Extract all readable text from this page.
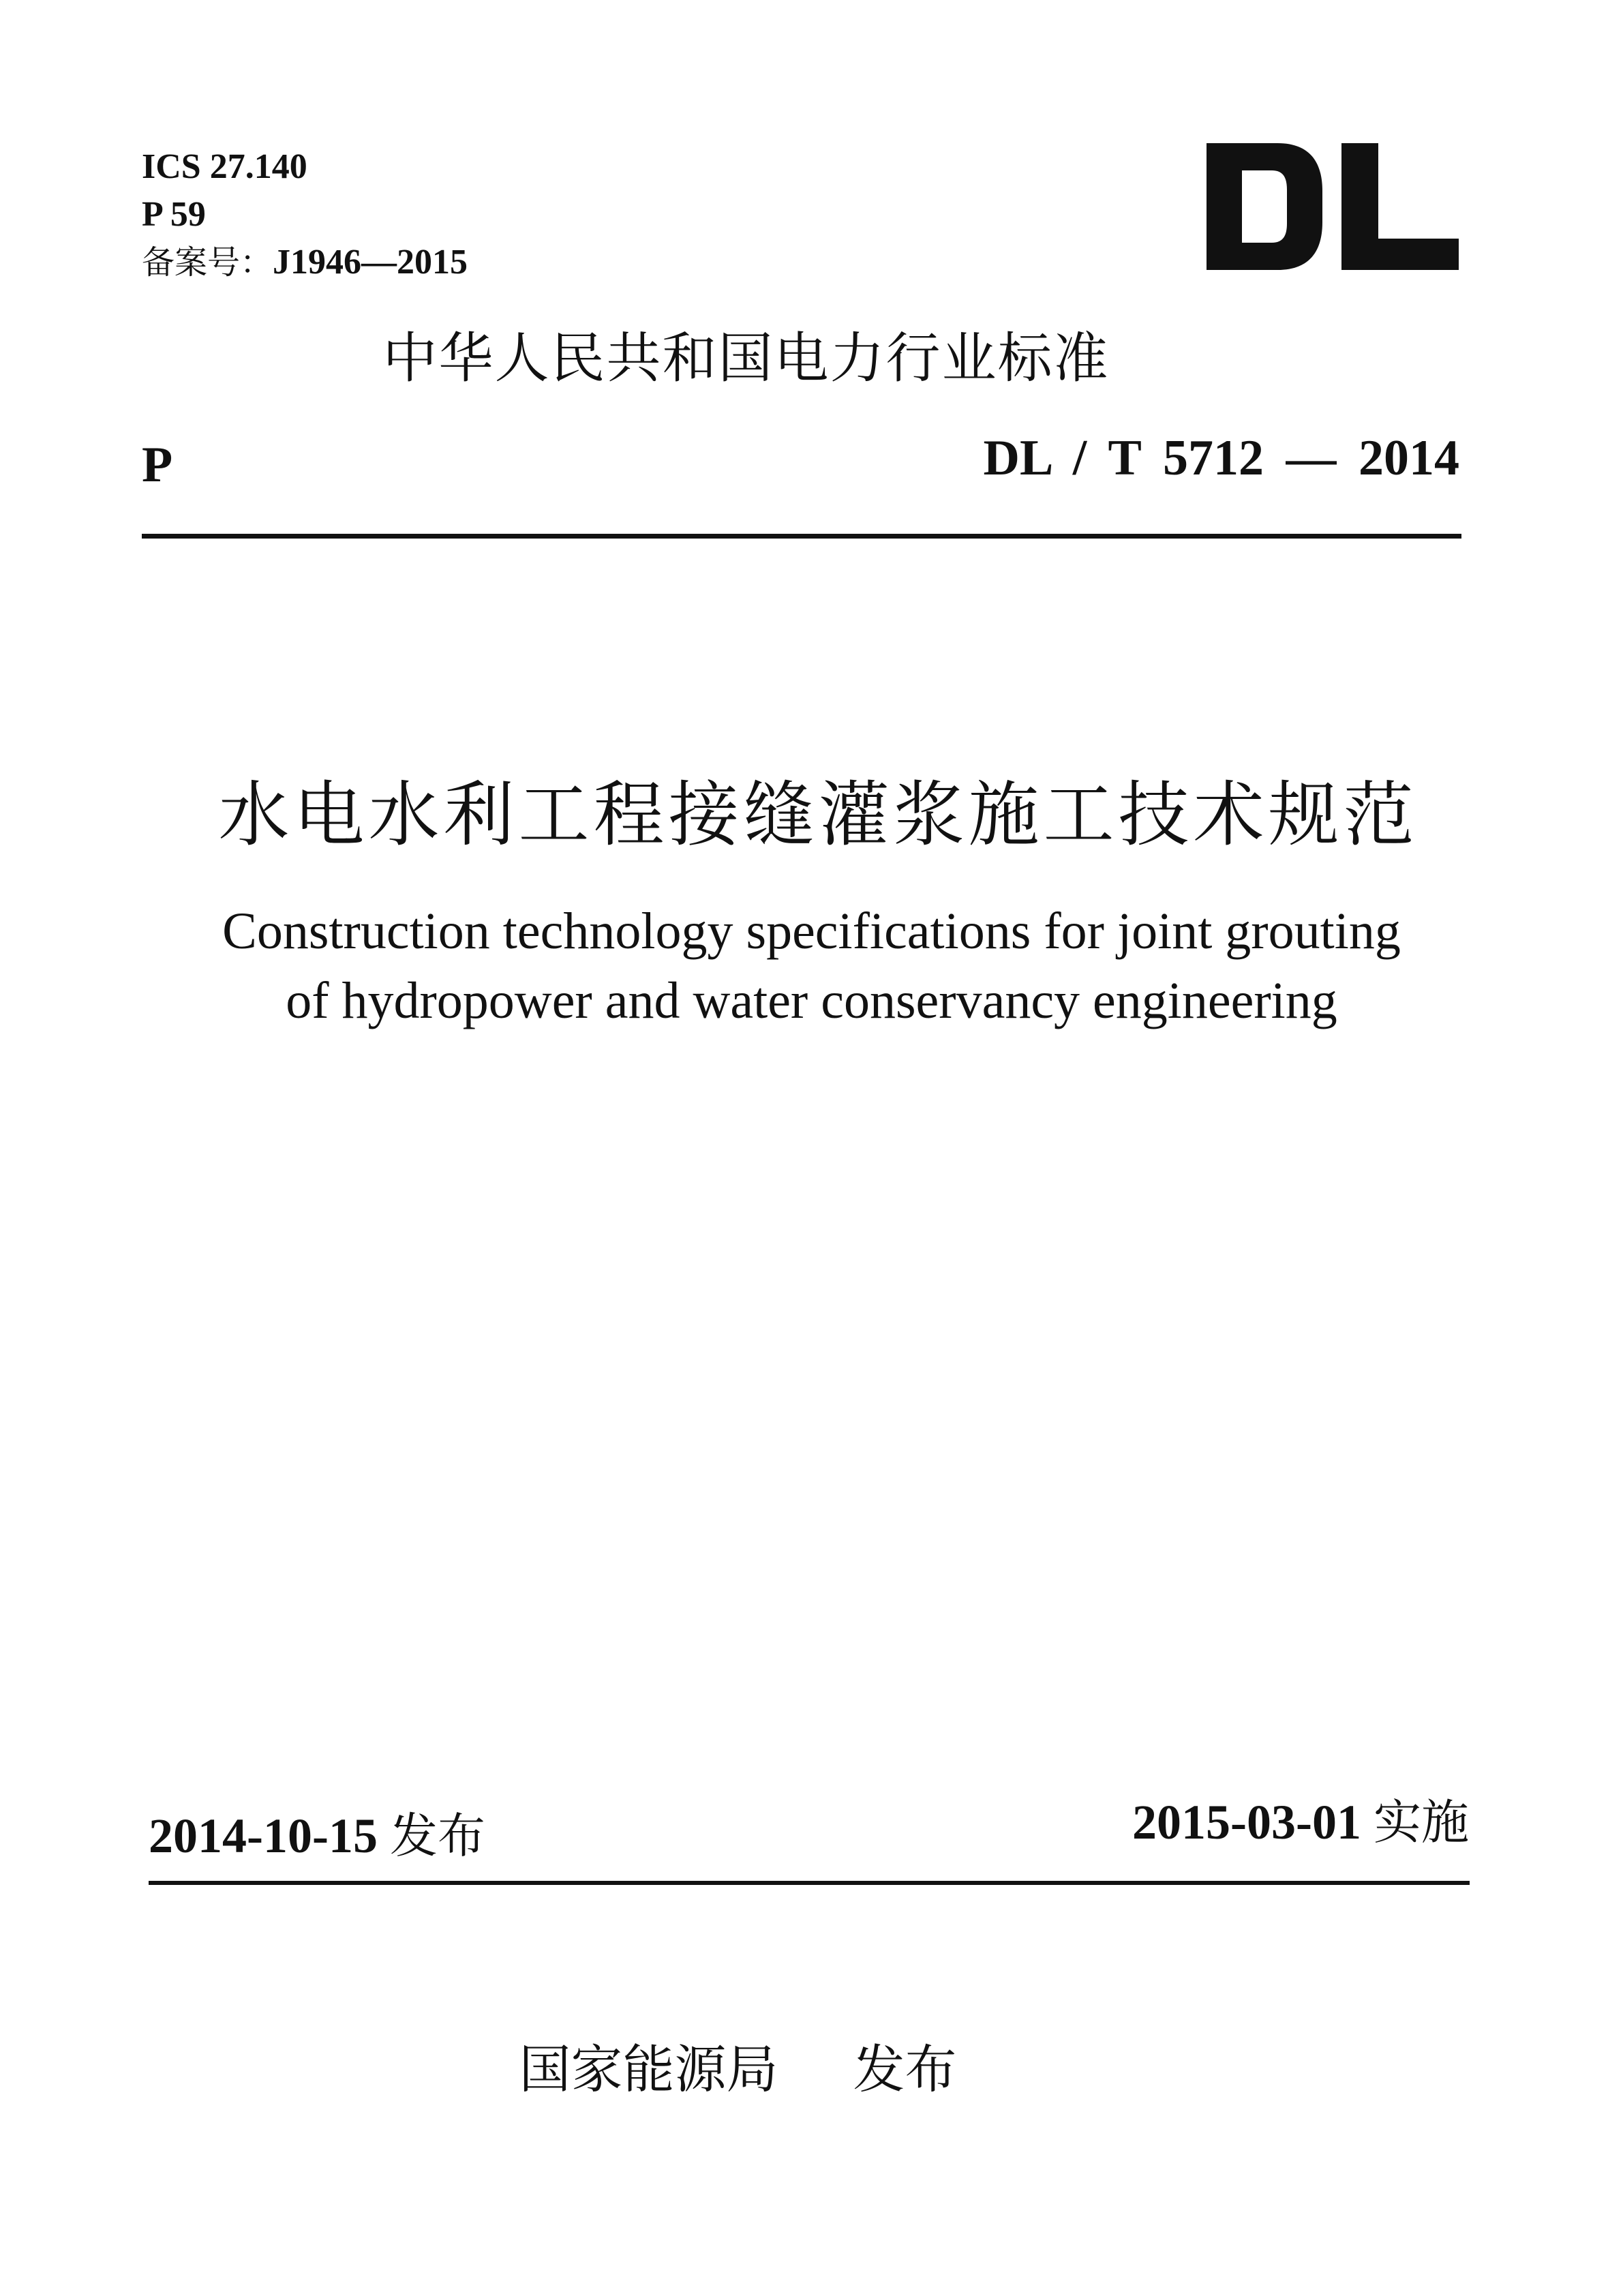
ICS 27.140
P 59
备案号：J1946—2015
中华人民共和国电力行业标准
P	DL / T 5712 — 2014
水电水利工程接缝灌浆施工技术规范
Construction technology specifications for joint grouting
of hydropower and water conservancy engineering
2014-10-15 发布	2015-03-01 实施
国家能源局 发布
